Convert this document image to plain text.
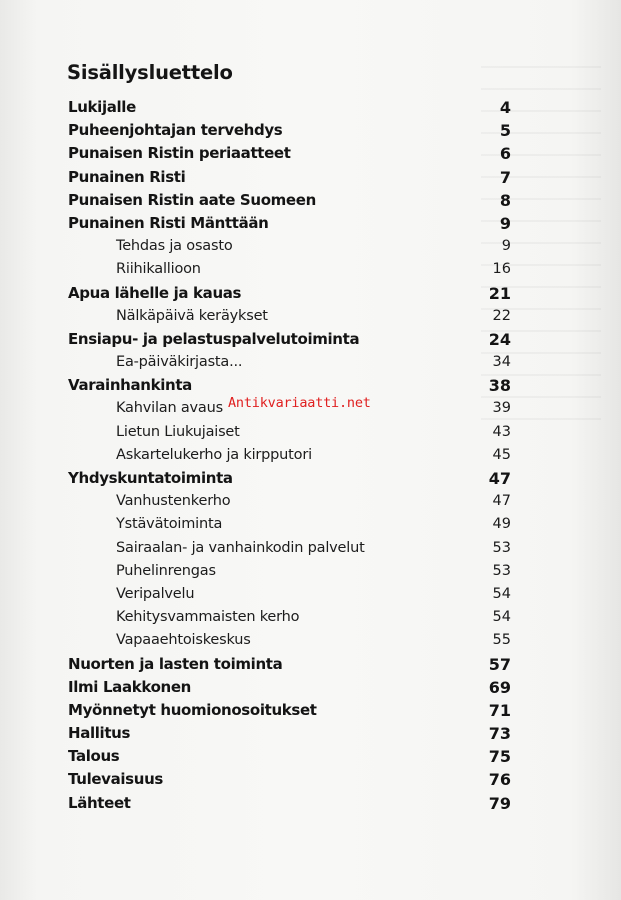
Sisällysluettelo
Lukijalle	4
Puheenjohtajan tervehdys	5
Punaisen Ristin periaatteet	6
Punainen Risti	7
Punaisen Ristin aate Suomeen	8
Punainen Risti Mänttään	9
Tehdas ja osasto	9
Riihikallioon	16
Apua lähelle ja kauas	21
Nälkäpäivä keräykset	22
Ensiapu- ja pelastuspalvelutoiminta	24
Ea-päiväkirjasta...	34
Varainhankinta	38
Kahvilan avaus	39
Lietun Liukujaiset	43
Askartelukerho ja kirpputori	45
Yhdyskuntatoiminta	47
Vanhustenkerho	47
Ystävätoiminta	49
Sairaalan- ja vanhainkodin palvelut	53
Puhelinrengas	53
Veripalvelu	54
Kehitysvammaisten kerho	54
Vapaaehtoiskeskus	55
Nuorten ja lasten toiminta	57
Ilmi Laakkonen	69
Myönnetyt huomionosoitukset	71
Hallitus	73
Talous	75
Tulevaisuus	76
Lähteet	79
Antikvariaatti.net
